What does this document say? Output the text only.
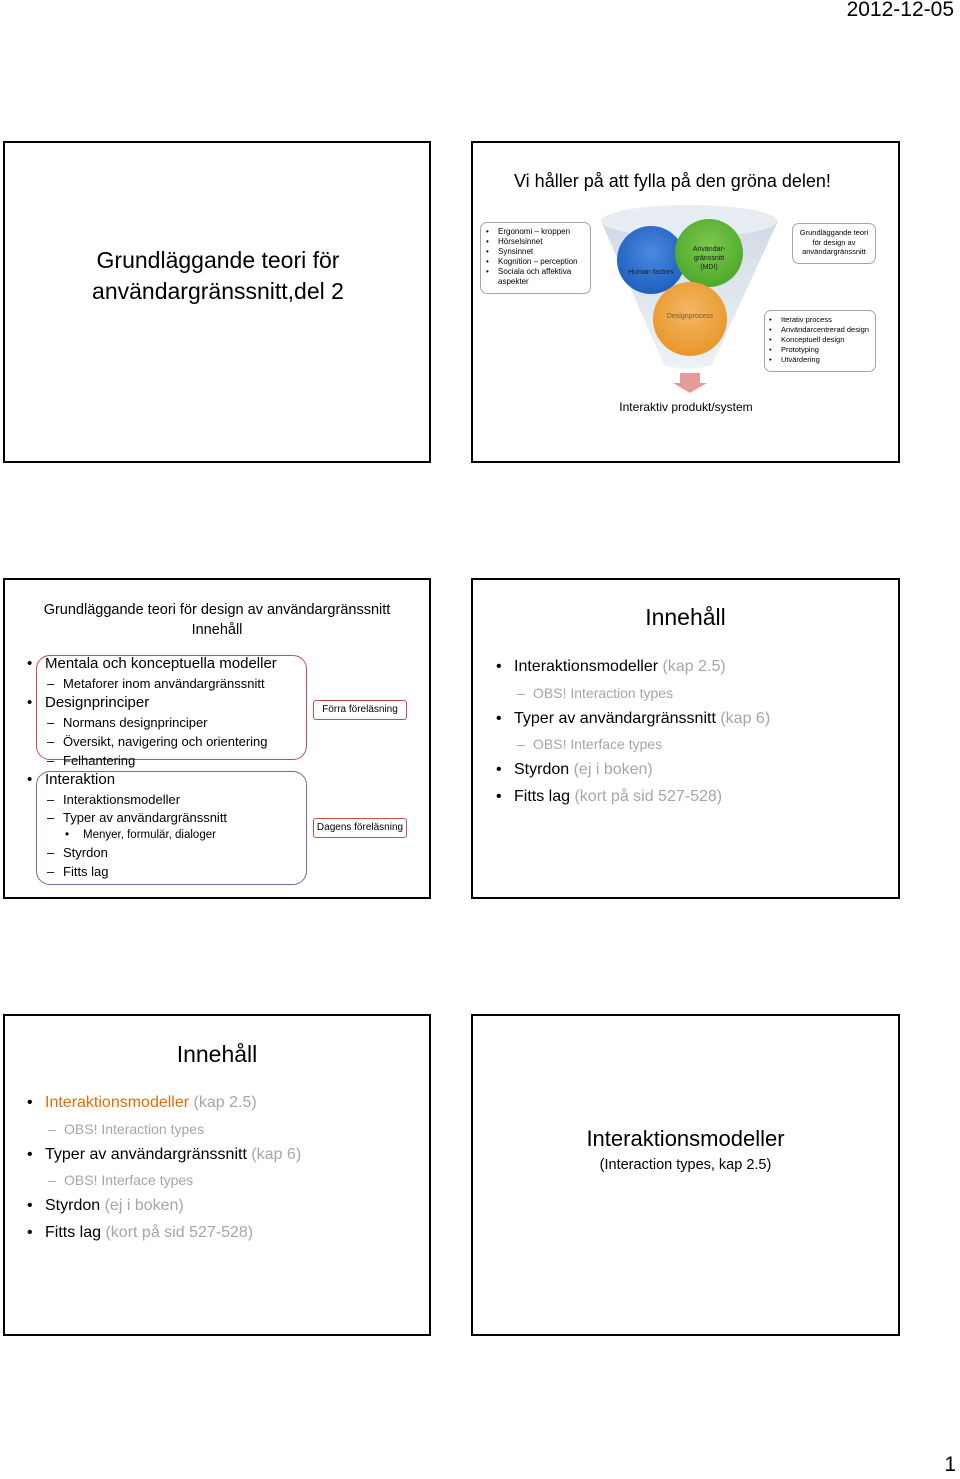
2012-12-05
1
Grundläggande teori för användargränssnitt,del 2
Vi håller på att fylla på den gröna delen!
Human factors
Användar-gränssnitt (MDI)
Designprocess
• Ergonomi – kroppen
• Hörselsinnet
• Synsinnet
• Kognition – perception
• Sociala och affektiva aspekter
Grundläggande teori för design av användargränssnitt
• Iterativ process
• Användarcentrerad design
• Konceptuell design
• Prototyping
• Utvärdering
Interaktiv produkt/system
Grundläggande teori för design av användargränssnitt
Innehåll
• Mentala och konceptuella modeller
– Metaforer inom användargränssnitt
• Designprinciper
– Normans designprinciper
– Översikt, navigering och orientering
– Felhantering
• Interaktion
– Interaktionsmodeller
– Typer av användargränssnitt
• Menyer, formulär, dialoger
– Styrdon
– Fitts lag
Förra föreläsning
Dagens föreläsning
Innehåll
• Interaktionsmodeller (kap 2.5)
– OBS! Interaction types
• Typer av användargränssnitt (kap 6)
– OBS! Interface types
• Styrdon (ej i boken)
• Fitts lag (kort på sid 527-528)
Innehåll
• Interaktionsmodeller (kap 2.5)
– OBS! Interaction types
• Typer av användargränssnitt (kap 6)
– OBS! Interface types
• Styrdon (ej i boken)
• Fitts lag (kort på sid 527-528)
Interaktionsmodeller
(Interaction types, kap 2.5)
